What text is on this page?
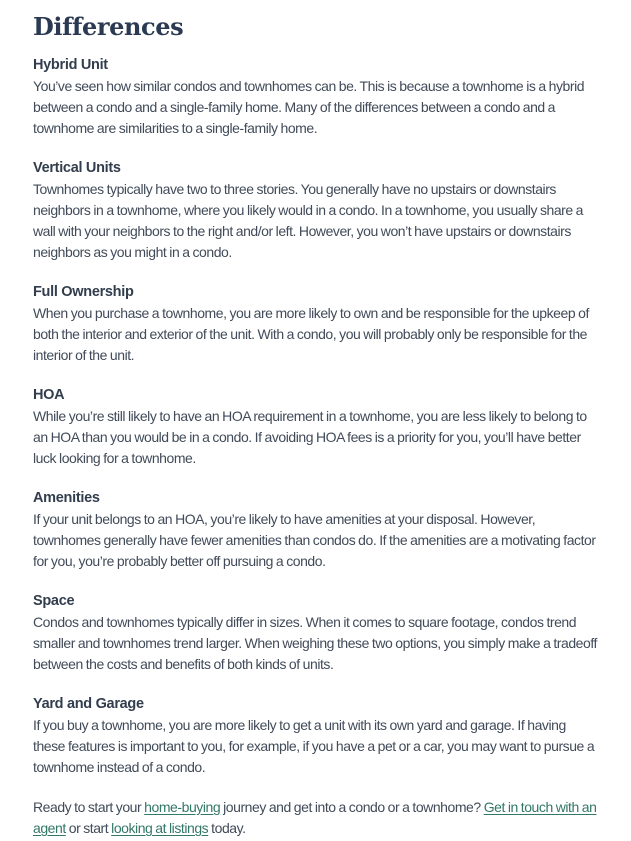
Differences
Hybrid Unit

You’ve seen how similar condos and townhomes can be. This is because a townhome is a hybrid between a condo and a single-family home. Many of the differences between a condo and a townhome are similarities to a single-family home.

Vertical Units

Townhomes typically have two to three stories. You generally have no upstairs or downstairs neighbors in a townhome, where you likely would in a condo. In a townhome, you usually share a wall with your neighbors to the right and/or left. However, you won’t have upstairs or downstairs neighbors as you might in a condo.

Full Ownership

When you purchase a townhome, you are more likely to own and be responsible for the upkeep of both the interior and exterior of the unit. With a condo, you will probably only be responsible for the interior of the unit.

HOA

While you’re still likely to have an HOA requirement in a townhome, you are less likely to belong to an HOA than you would be in a condo. If avoiding HOA fees is a priority for you, you’ll have better luck looking for a townhome.

Amenities

If your unit belongs to an HOA, you’re likely to have amenities at your disposal. However, townhomes generally have fewer amenities than condos do. If the amenities are a motivating factor for you, you’re probably better off pursuing a condo.

Space

Condos and townhomes typically differ in sizes. When it comes to square footage, condos trend smaller and townhomes trend larger. When weighing these two options, you simply make a tradeoff between the costs and benefits of both kinds of units.

Yard and Garage

If you buy a townhome, you are more likely to get a unit with its own yard and garage. If having these features is important to you, for example, if you have a pet or a car, you may want to pursue a townhome instead of a condo.

Ready to start your home-buying journey and get into a condo or a townhome? Get in touch with an agent or start looking at listings today.
